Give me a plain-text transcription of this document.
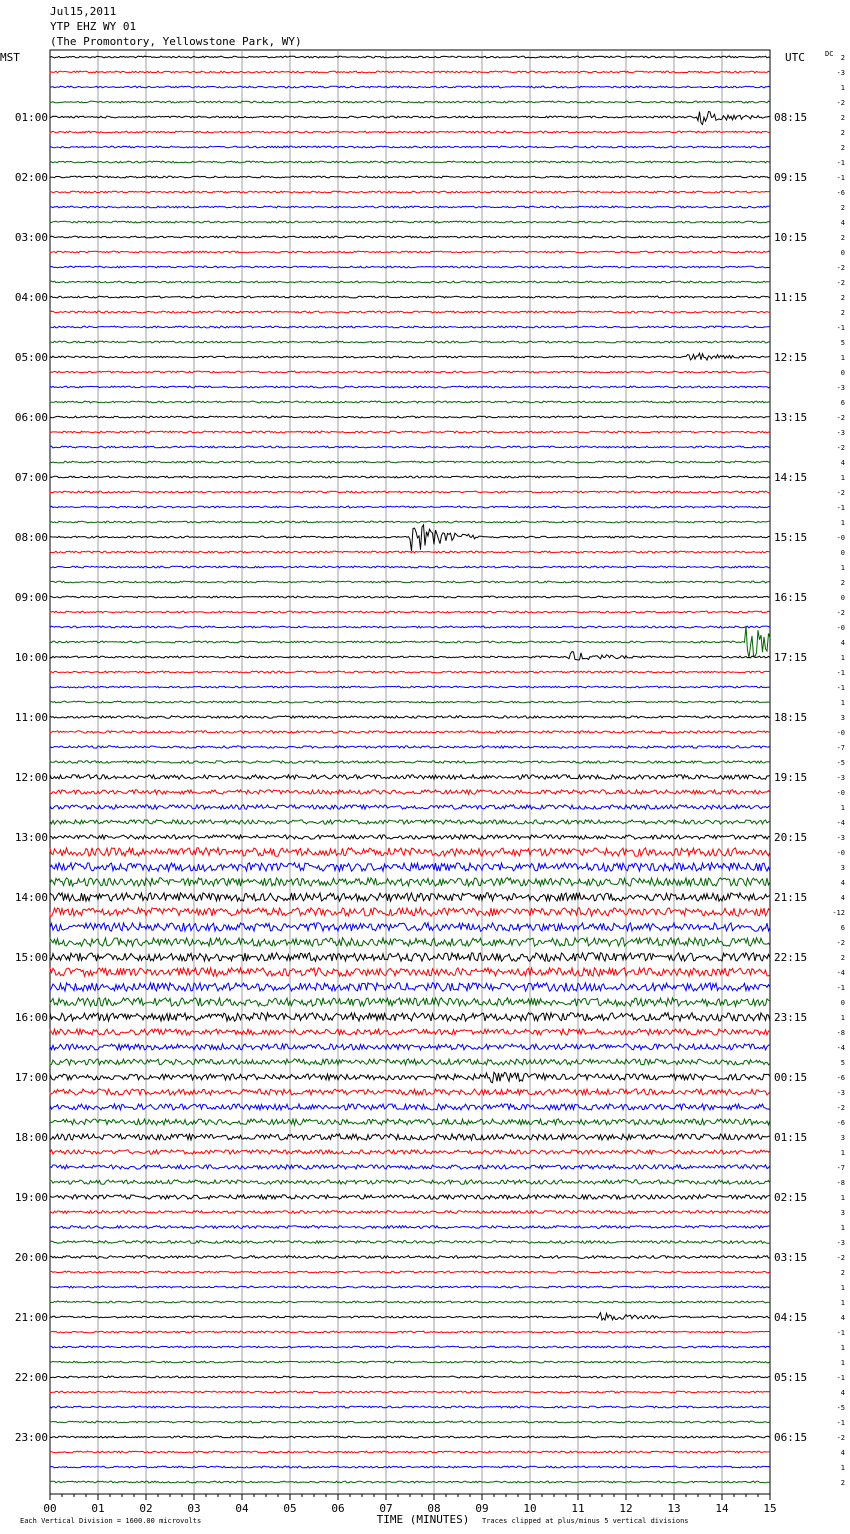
Jul15,2011
YTP EHZ WY 01
(The Promontory, Yellowstone Park, WY)
MST	UTC	DC
TIME (MINUTES)
Each Vertical Division = 1600.00 microvolts	Traces clipped at plus/minus 5 vertical divisions
00	01	02	03	04	05	06	07	08	09	10	11	12	13	14	15
2
-3
1
-2
2
01:00	08:15
2
2
-1
-1
02:00	09:15
-6
2
4
2
03:00	10:15
0
-2
-2
2
04:00	11:15
2
-1
5
1
05:00	12:15
0
-3
6
-2
06:00	13:15
-3
-2
4
1
07:00	14:15
-2
-1
1
-0
08:00	15:15
0
1
2
0
09:00	16:15
-2
-0
4
1
10:00	17:15
-1
-1
1
3
11:00	18:15
-0
-7
-5
-3
12:00	19:15
-0
1
-4
-3
13:00	20:15
-0
3
4
4
14:00	21:15
-12
6
-2
2
15:00	22:15
-4
-1
0
1
16:00	23:15
-8
-4
5
-6
17:00	00:15
-3
-2
-6
3
18:00	01:15
1
-7
-8
1
19:00	02:15
3
1
-3
-2
20:00	03:15
2
1
1
4
21:00	04:15
-1
1
1
-1
22:00	05:15
4
-5
-1
-2
23:00	06:15
4
1
2
